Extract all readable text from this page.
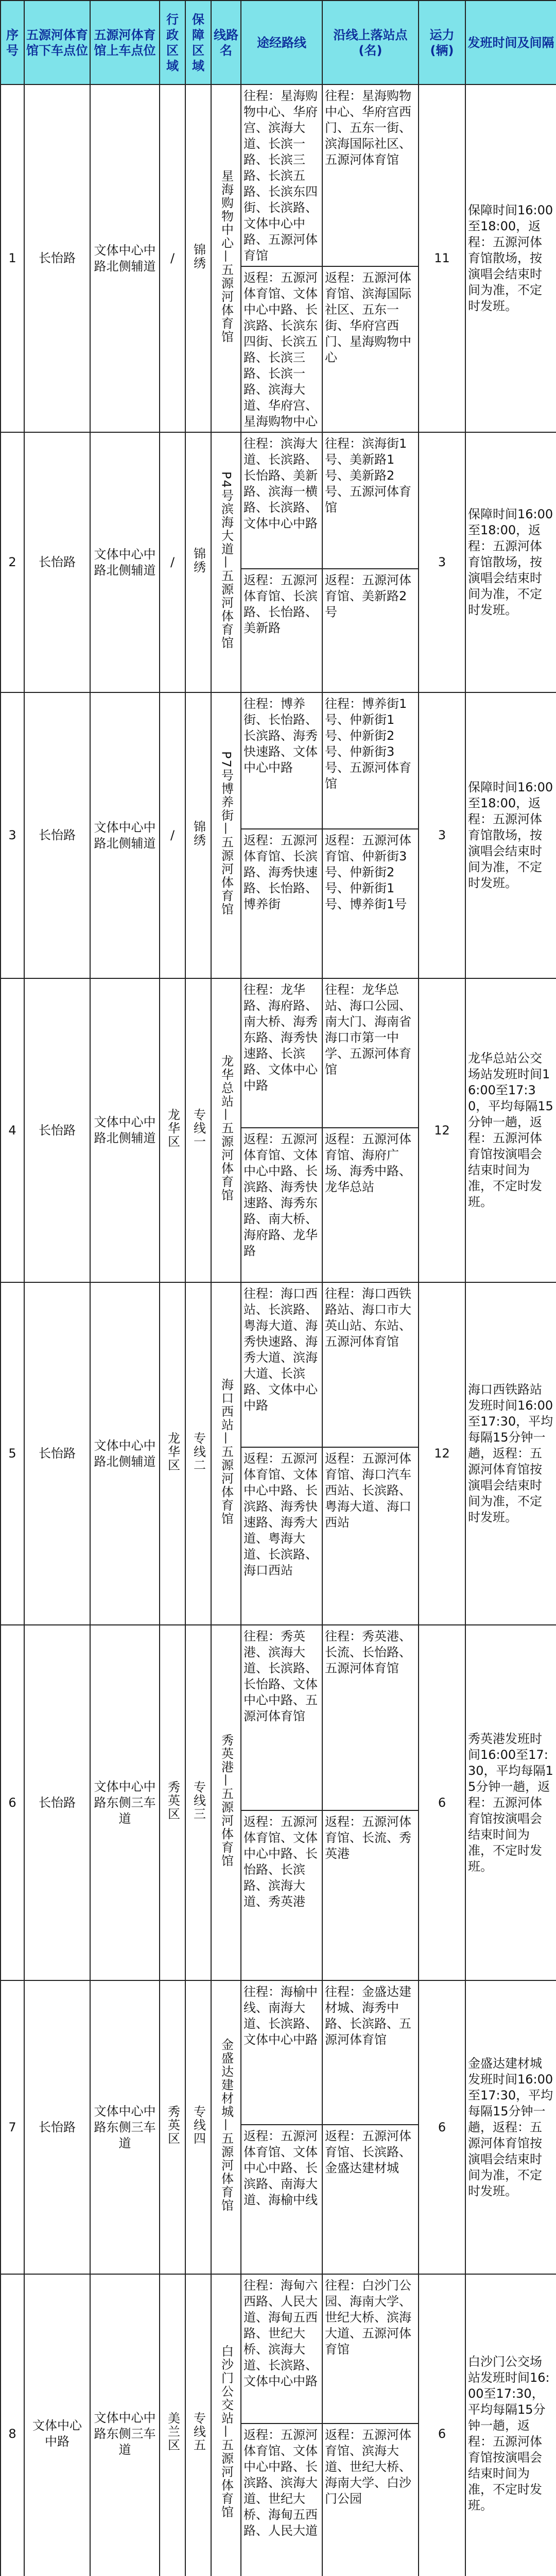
序号	五源河体育馆下车点位	五源河体育馆上车点位	行政区域	保障区域	线路名	途经路线	沿线上落站点(名)	运力(辆)	发班时间及间隔
1	长怡路	文体中心中路北侧辅道	/	锦绣	星海购物中心—五源河体育馆	往程：星海购物中心、华府宫、滨海大道、长滨一路、长滨三路、长滨五路、长滨东四街、长滨路、文体中心中路、五源河体育馆	往程：星海购物中心、华府宫西门、五东一街、滨海国际社区、五源河体育馆	11	保障时间16:00至18:00，返程：五源河体育馆散场，按演唱会结束时间为准，不定时发班。
						返程：五源河体育馆、文体中心中路、长滨路、长滨东四街、长滨五路、长滨三路、长滨一路、滨海大道、华府宫、星海购物中心	返程：五源河体育馆、滨海国际社区、五东一街、华府宫西门、星海购物中心		
2	长怡路	文体中心中路北侧辅道	/	锦绣	P4号滨海大道—五源河体育馆	往程：滨海大道、长滨路、长怡路、美新路、滨海一横路、长滨路、文体中心中路	往程：滨海街1号、美新路1号、美新路2号、五源河体育馆	3	保障时间16:00至18:00，返程：五源河体育馆散场，按演唱会结束时间为准，不定时发班。
						返程：五源河体育馆、长滨路、长怡路、美新路	返程：五源河体育馆、美新路2号		
3	长怡路	文体中心中路北侧辅道	/	锦绣	P7号博养街—五源河体育馆	往程：博养街、长怡路、长滨路、海秀快速路、文体中心中路	往程：博养街1号、仲新街1号、仲新街2号、仲新街3号、五源河体育馆	3	保障时间16:00至18:00，返程：五源河体育馆散场，按演唱会结束时间为准，不定时发班。
						返程：五源河体育馆、长滨路、海秀快速路、长怡路、博养街	返程：五源河体育馆、仲新街3号、仲新街2号、仲新街1号、博养街1号		
4	长怡路	文体中心中路北侧辅道	龙华区	专线一	龙华总站—五源河体育馆	往程：龙华路、海府路、南大桥、海秀东路、海秀快速路、长滨路、文体中心中路	往程：龙华总站、海口公园、南大门、海南省海口市第一中学、五源河体育馆	12	龙华总站公交场站发班时间16:00至17:30，平均每隔15分钟一趟，返程：五源河体育馆按演唱会结束时间为准，不定时发班。
						返程：五源河体育馆、文体中心中路、长滨路、海秀快速路、海秀东路、南大桥、海府路、龙华路	返程：五源河体育馆、海府广场、海秀中路、龙华总站		
5	长怡路	文体中心中路北侧辅道	龙华区	专线二	海口西站—五源河体育馆	往程：海口西站、长滨路、粤海大道、海秀快速路、海秀大道、滨海大道、长滨路、文体中心中路	往程：海口西铁路站、海口市大英山站、东站、五源河体育馆	12	海口西铁路站发班时间16:00至17:30，平均每隔15分钟一趟，返程：五源河体育馆按演唱会结束时间为准，不定时发班。
						返程：五源河体育馆、文体中心中路、长滨路、海秀快速路、海秀大道、粤海大道、长滨路、海口西站	返程：五源河体育馆、海口汽车西站、长滨路、粤海大道、海口西站		
6	长怡路	文体中心中路东侧三车道	秀英区	专线三	秀英港—五源河体育馆	往程：秀英港、滨海大道、长滨路、长怡路、文体中心中路、五源河体育馆	往程：秀英港、长流、长怡路、五源河体育馆	6	秀英港发班时间16:00至17:30，平均每隔15分钟一趟，返程：五源河体育馆按演唱会结束时间为准，不定时发班。
						返程：五源河体育馆、文体中心中路、长怡路、长滨路、滨海大道、秀英港	返程：五源河体育馆、长流、秀英港		
7	长怡路	文体中心中路东侧三车道	秀英区	专线四	金盛达建材城—五源河体育馆	往程：海榆中线、南海大道、长滨路、文体中心中路	往程：金盛达建材城、海秀中路、长滨路、五源河体育馆	6	金盛达建材城发班时间16:00至17:30，平均每隔15分钟一趟，返程：五源河体育馆按演唱会结束时间为准，不定时发班。
						返程：五源河体育馆、文体中心中路、长滨路、南海大道、海榆中线	返程：五源河体育馆、长滨路、金盛达建材城		
8	文体中心中路	文体中心中路东侧三车道	美兰区	专线五	白沙门公交站—五源河体育馆	往程：海甸六西路、人民大道、海甸五西路、世纪大桥、滨海大道、长滨路、文体中心中路	往程：白沙门公园、海南大学、世纪大桥、滨海大道、五源河体育馆	6	白沙门公交场站发班时间16:00至17:30，平均每隔15分钟一趟，返程：五源河体育馆按演唱会结束时间为准，不定时发班。
						返程：五源河体育馆、文体中心中路、长滨路、滨海大道、世纪大桥、海甸五西路、人民大道	返程：五源河体育馆、滨海大道、世纪大桥、海南大学、白沙门公园		
